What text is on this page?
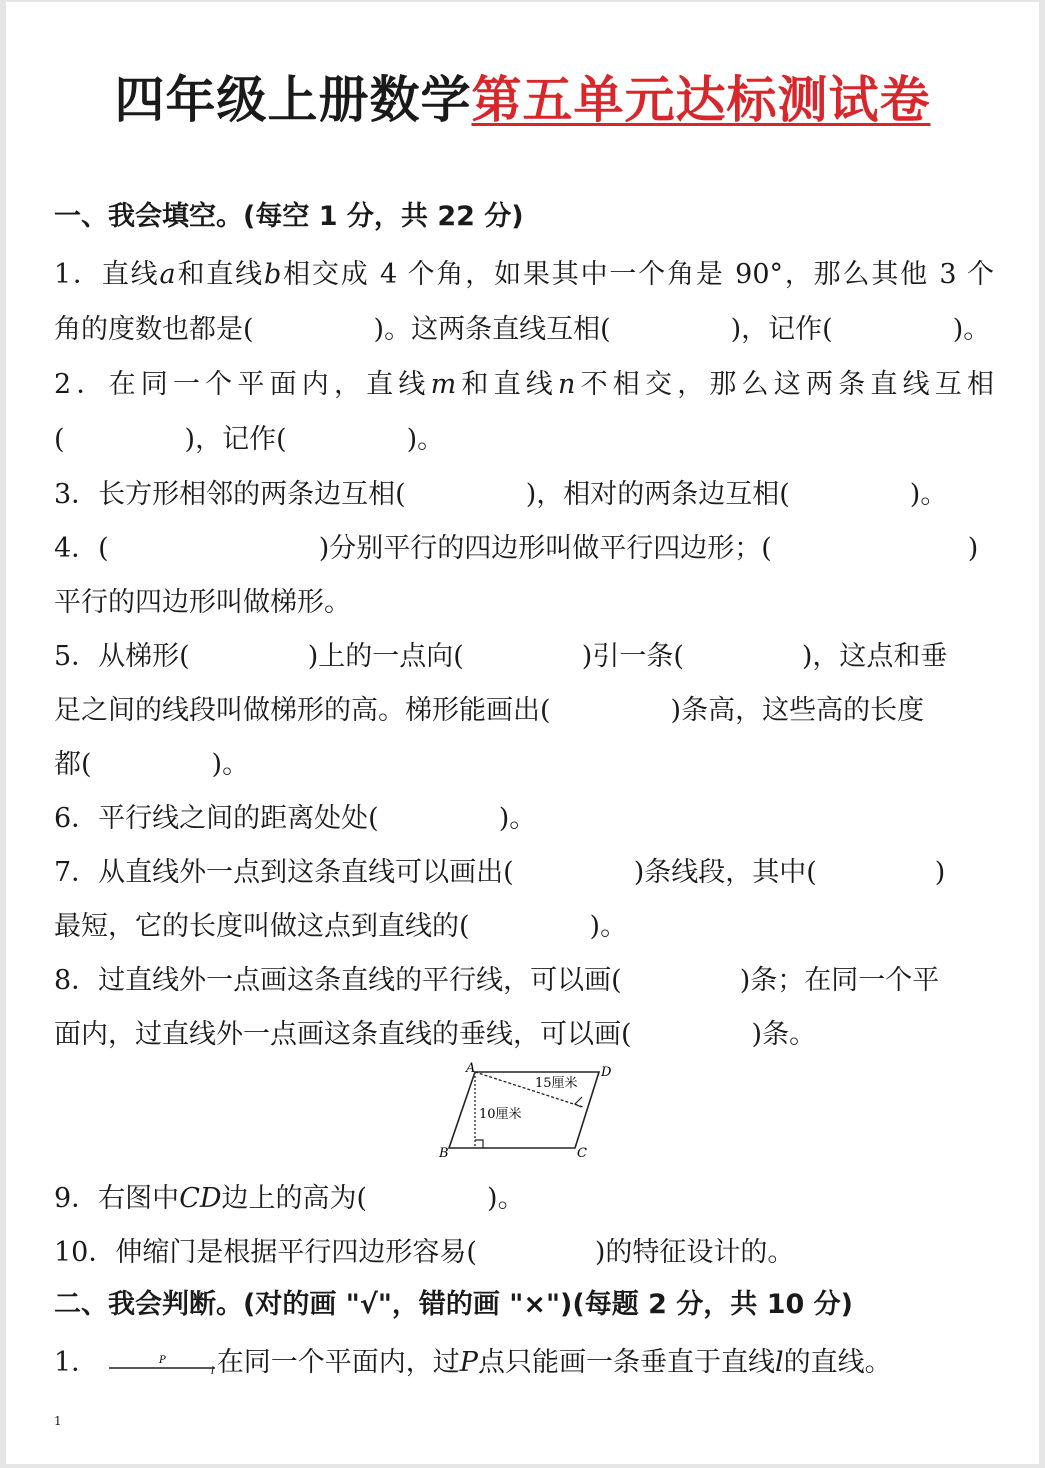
四年级上册数学第五单元达标测试卷
一、我会填空。(每空 1 分，共 22 分)
1．直线a和直线b相交成 4 个角，如果其中一个角是 90°，那么其他 3 个
角的度数也都是(	)。这两条直线互相(	)，记作(	)。
2．在同一个平面内，直线m和直线n不相交，那么这两条直线互相
(	)，记作(	)。
3．长方形相邻的两条边互相(	)，相对的两条边互相(	)。
4．(	)分别平行的四边形叫做平行四边形；(	)
平行的四边形叫做梯形。
5．从梯形(	)上的一点向(	)引一条(	)，这点和垂
足之间的线段叫做梯形的高。梯形能画出(	)条高，这些高的长度
都(	)。
6．平行线之间的距离处处(	)。
7．从直线外一点到这条直线可以画出(	)条线段，其中(	)
最短，它的长度叫做这点到直线的(	)。
8．过直线外一点画这条直线的平行线，可以画(	)条；在同一个平
面内，过直线外一点画这条直线的垂线，可以画(	)条。
A
B	C
D
15厘米
10厘米
9．右图中CD边上的高为(	)。
10．伸缩门是根据平行四边形容易(	)的特征设计的。
二、我会判断。(对的画 "√"，错的画 "×")(每题 2 分，共 10 分)
1．	P
l 在同一个平面内，过P点只能画一条垂直于直线l的直线。
1
